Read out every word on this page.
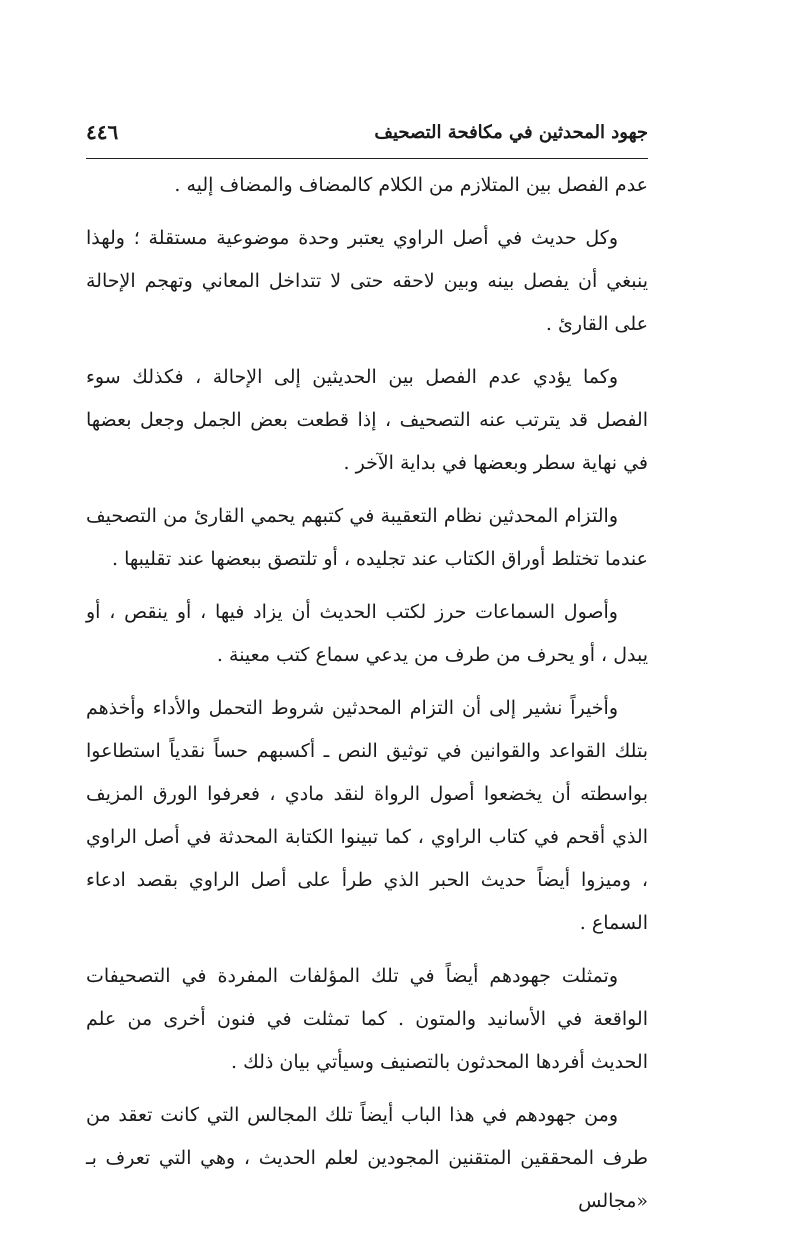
جهود المحدثين في مكافحة التصحيف
٤٤٦

عدم الفصل بين المتلازم من الكلام كالمضاف والمضاف إليه .

وكل حديث في أصل الراوي يعتبر وحدة موضوعية مستقلة ؛ ولهذا ينبغي أن يفصل بينه وبين لاحقه حتى لا تتداخل المعاني وتهجم الإحالة على القارئ .

وكما يؤدي عدم الفصل بين الحديثين إلى الإحالة ، فكذلك سوء الفصل قد يترتب عنه التصحيف ، إذا قطعت بعض الجمل وجعل بعضها في نهاية سطر وبعضها في بداية الآخر .

والتزام المحدثين نظام التعقيبة في كتبهم يحمي القارئ من التصحيف عندما تختلط أوراق الكتاب عند تجليده ، أو تلتصق ببعضها عند تقليبها .

وأصول السماعات حرز لكتب الحديث أن يزاد فيها ، أو ينقص ، أو يبدل ، أو يحرف من طرف من يدعي سماع كتب معينة .

وأخيراً نشير إلى أن التزام المحدثين شروط التحمل والأداء وأخذهم بتلك القواعد والقوانين في توثيق النص ـ أكسبهم حساً نقدياً استطاعوا بواسطته أن يخضعوا أصول الرواة لنقد مادي ، فعرفوا الورق المزيف الذي أقحم في كتاب الراوي ، كما تبينوا الكتابة المحدثة في أصل الراوي ، وميزوا أيضاً حديث الحبر الذي طرأ على أصل الراوي بقصد ادعاء السماع .

وتمثلت جهودهم أيضاً في تلك المؤلفات المفردة في التصحيفات الواقعة في الأسانيد والمتون . كما تمثلت في فنون أخرى من علم الحديث أفردها المحدثون بالتصنيف وسيأتي بيان ذلك .

ومن جهودهم في هذا الباب أيضاً تلك المجالس التي كانت تعقد من طرف المحققين المتقنين المجودين لعلم الحديث ، وهي التي تعرف بـ «مجالس
